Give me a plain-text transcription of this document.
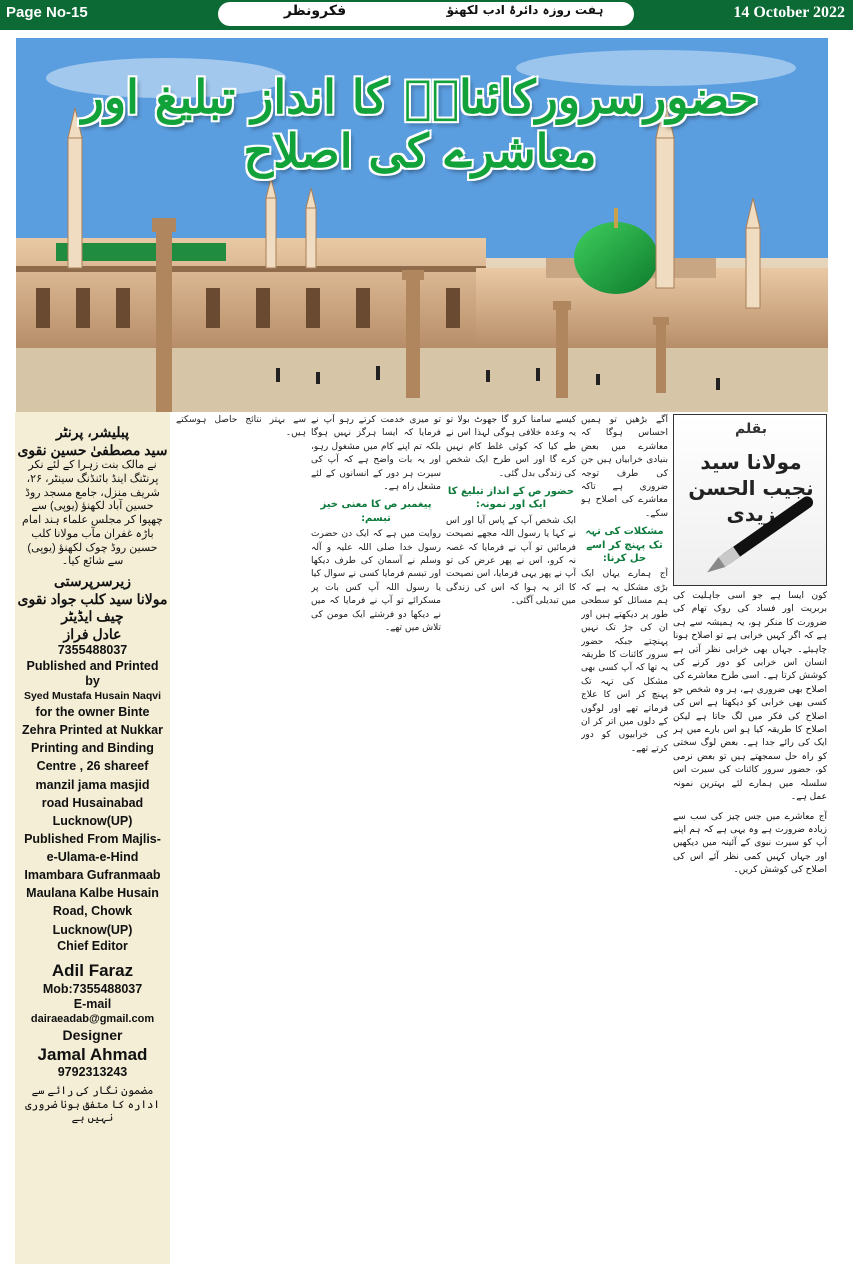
Page No-15	فکرونظر	ہفت روزہ دائرۂ ادب لکھنؤ	14 October 2022
حضورسرورکائناتؐ کا انداز تبلیغ اور معاشرے کی اصلاح
پبلیشر، پرنٹر
سید مصطفیٰ حسین نقوی
نے مالک بنت زہرا کے لئے نکر پرنٹنگ اینڈ بائنڈنگ سینٹر، ۲۶، شریف منزل، جامع مسجد روڈ حسین آباد لکھنؤ (یوپی) سے چھپوا کر مجلس علماء ہند امام باڑہ غفران مآب مولانا کلب حسین روڈ چوک لکھنؤ (یوپی) سے شائع کیا۔
زیرسرپرستی
مولانا سید کلب جواد نقوی
چیف ایڈیٹر
عادل فراز
7355488037
Published and Printed by
Syed Mustafa Husain Naqvi
for the owner Binte Zehra Printed at Nukkar Printing and Binding Centre , 26 shareef manzil jama masjid road Husainabad Lucknow(UP) Published From Majlis-e-Ulama-e-Hind Imambara Gufranmaab Maulana Kalbe Husain Road, Chowk Lucknow(UP)
Chief Editor
Adil Faraz
Mob:7355488037
E-mail
dairaeadab@gmail.com
Designer
Jamal Ahmad
9792313243
مضمون نگار کی رائے سے ادارہ کا متفق ہونا ضروری نہیں ہے

سے بہتر نتائج حاصل ہوسکتے ہیں۔

تو میری خدمت کرتے رہو آپ نے فرمایا کہ ایسا ہرگز نہیں ہوگا بلکہ تم اپنے کام میں مشغول رہو، اور یہ بات واضح ہے کہ آپ کی سیرت ہر دور کے انسانوں کے لئے مشعل راہ ہے۔

پیغمبر ص کا معنی خیز تبسم:

روایت میں ہے کہ ایک دن حضرت رسول خدا صلی اللہ علیہ و آلہ وسلم نے آسمان کی طرف دیکھا اور تبسم فرمایا کسی نے سوال کیا یا رسول اللہ آپ کس بات پر مسکرائے تو آپ نے فرمایا کہ میں نے دیکھا دو فرشتے ایک مومن کی تلاش میں تھے۔

کیسے سامنا کرو گا جھوٹ بولا تو یہ وعدہ خلافی ہوگی لہذا اس نے طے کیا کہ کوئی غلط کام نہیں کرے گا اور اس طرح ایک شخص کی زندگی بدل گئی۔

حضور ص کے انداز تبلیغ کا ایک اور نمونہ:

ایک شخص آپ کے پاس آیا اور اس نے کہا یا رسول اللہ مجھے نصیحت فرمائیں تو آپ نے فرمایا کہ غصہ نہ کرو، اس نے پھر عرض کی تو آپ نے پھر یہی فرمایا، اس نصیحت کا اثر یہ ہوا کہ اس کی زندگی میں تبدیلی آگئی۔

آگے بڑھیں تو ہمیں احساس ہوگا کہ معاشرے میں بعض بنیادی خرابیاں ہیں جن کی طرف توجہ ضروری ہے تاکہ معاشرے کی اصلاح ہو سکے۔

مشکلات کی تہہ تک پہنچ کر اسے حل کرنا:

آج ہمارے یہاں ایک بڑی مشکل یہ ہے کہ ہم مسائل کو سطحی طور پر دیکھتے ہیں اور ان کی جڑ تک نہیں پہنچتے جبکہ حضور سرور کائنات کا طریقہ یہ تھا کہ آپ کسی بھی مشکل کی تہہ تک پہنچ کر اس کا علاج فرماتے تھے اور لوگوں کے دلوں میں اتر کر ان کی خرابیوں کو دور کرتے تھے۔

بقلم
مولانا سید نجیب الحسن زیدی

کون ایسا ہے جو اسی جاہلیت کی بربریت اور فساد کی روک تھام کی ضرورت کا منکر ہو، یہ ہمیشہ سے ہی ہے کہ اگر کہیں خرابی ہے تو اصلاح ہونا چاہیئے۔ جہاں بھی خرابی نظر آتی ہے انسان اس خرابی کو دور کرنے کی کوشش کرتا ہے۔ اسی طرح معاشرے کی اصلاح بھی ضروری ہے، ہر وہ شخص جو کسی بھی خرابی کو دیکھتا ہے اس کی اصلاح کی فکر میں لگ جاتا ہے لیکن اصلاح کا طریقہ کیا ہو اس بارے میں ہر ایک کی رائے جدا ہے۔ بعض لوگ سختی کو راہ حل سمجھتے ہیں تو بعض نرمی کو، حضور سرور کائنات کی سیرت اس سلسلہ میں ہمارے لئے بہترین نمونہ عمل ہے۔

آج معاشرے میں جس چیز کی سب سے زیادہ ضرورت ہے وہ یہی ہے کہ ہم اپنے آپ کو سیرت نبوی کے آئینہ میں دیکھیں اور جہاں کہیں کمی نظر آئے اس کی اصلاح کی کوشش کریں۔
